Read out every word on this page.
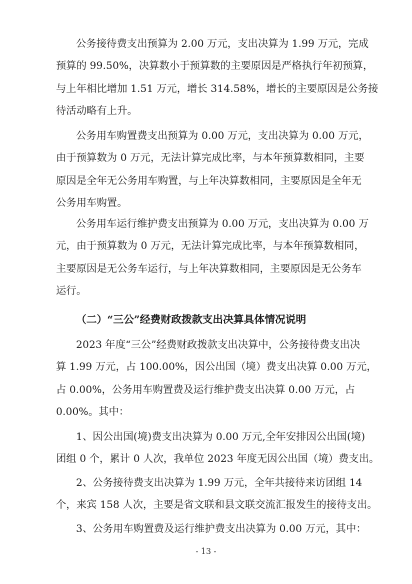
公务接待费支出预算为 2.00 万元，支出决算为 1.99 万元，完成
预算的 99.50%，决算数小于预算数的主要原因是严格执行年初预算，
与上年相比增加 1.51 万元，增长 314.58%，增长的主要原因是公务接
待活动略有上升。

公务用车购置费支出预算为 0.00 万元，支出决算为 0.00 万元，
由于预算数为 0 万元，无法计算完成比率，与本年预算数相同，主要
原因是全年无公务用车购置，与上年决算数相同，主要原因是全年无
公务用车购置。

公务用车运行维护费支出预算为 0.00 万元，支出决算为 0.00 万
元，由于预算数为 0 万元，无法计算完成比率，与本年预算数相同，
主要原因是无公务车运行，与上年决算数相同，主要原因是无公务车
运行。

（二）“三公”经费财政拨款支出决算具体情况说明

2023 年度“三公”经费财政拨款支出决算中，公务接待费支出决
算 1.99 万元，占 100.00%，因公出国（境）费支出决算 0.00 万元，
占 0.00%，公务用车购置费及运行维护费支出决算 0.00 万元，占
0.00%。其中：

1、因公出国(境)费支出决算为 0.00 万元,全年安排因公出国(境)
团组 0 个，累计 0 人次，我单位 2023 年度无因公出国（境）费支出。

2、公务接待费支出决算为 1.99 万元，全年共接待来访团组 14
个，来宾 158 人次，主要是省文联和县文联交流汇报发生的接待支出。

3、公务用车购置费及运行维护费支出决算为 0.00 万元，其中：

- 13 -
